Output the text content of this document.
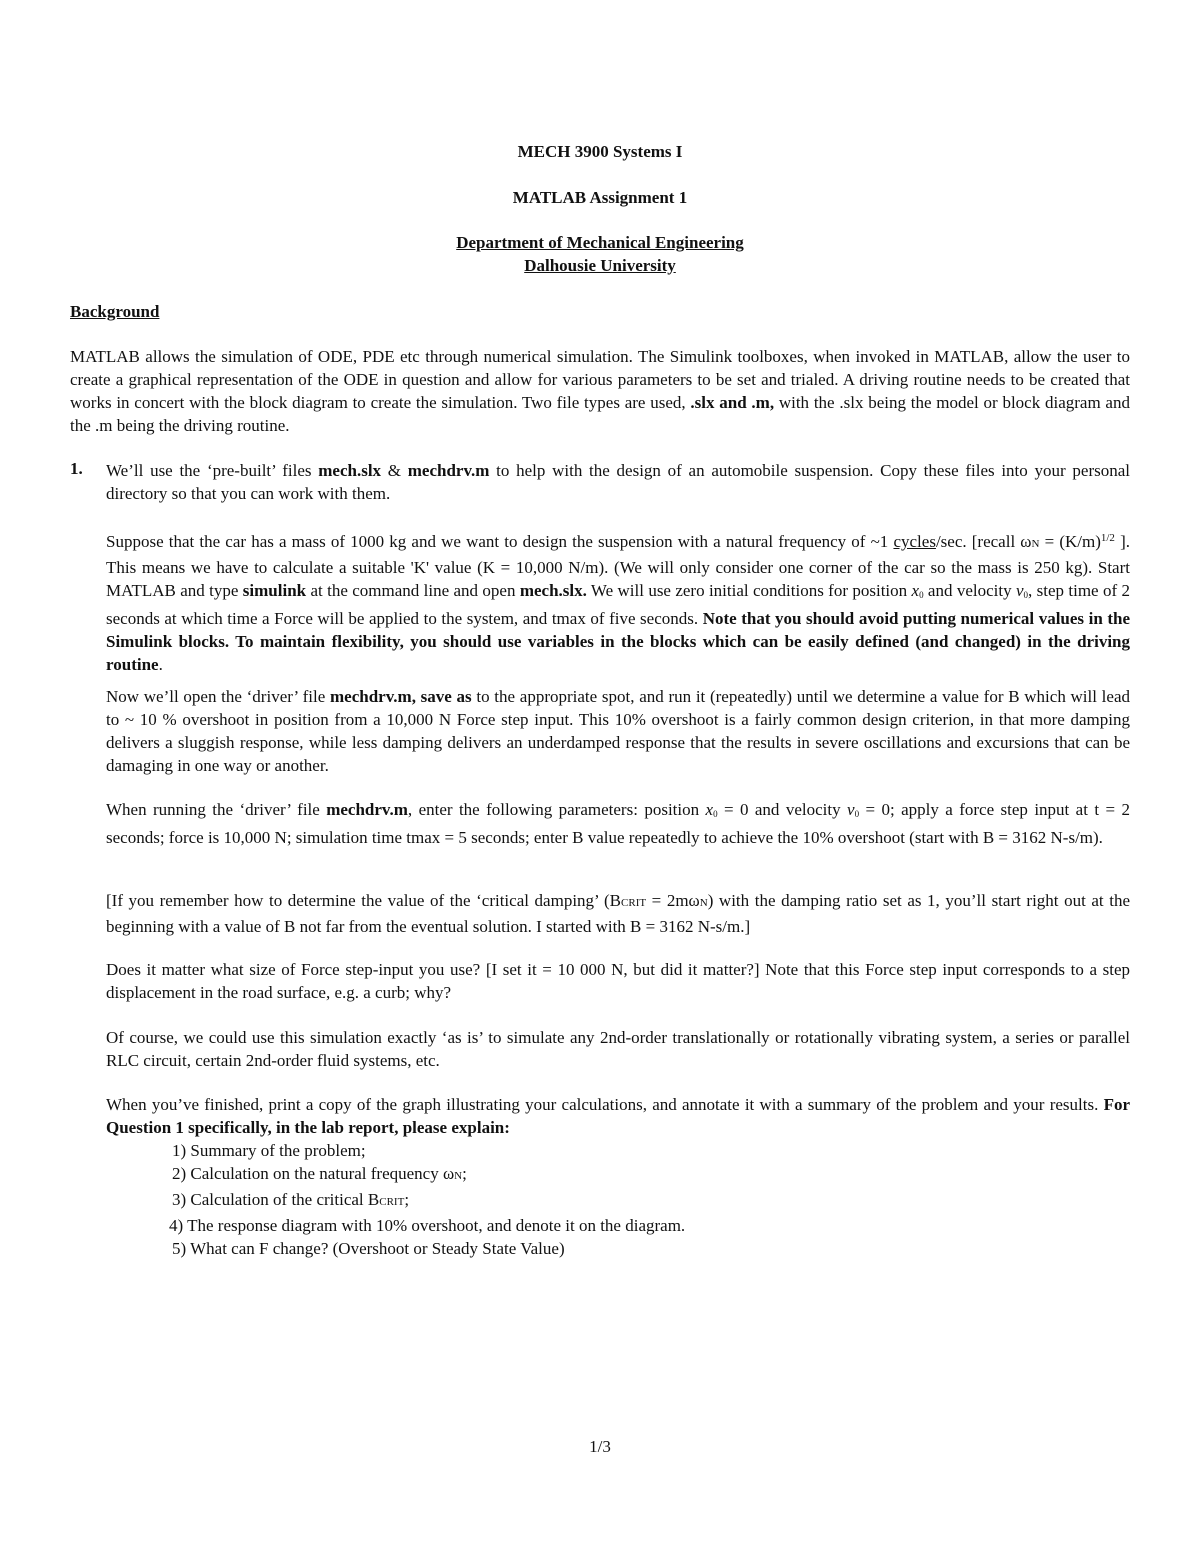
MECH 3900 Systems I
MATLAB Assignment 1
Department of Mechanical Engineering
Dalhousie University
Background

MATLAB allows the simulation of ODE, PDE etc through numerical simulation. The Simulink toolboxes, when invoked in MATLAB, allow the user to create a graphical representation of the ODE in question and allow for various parameters to be set and trialed. A driving routine needs to be created that works in concert with the block diagram to create the simulation. Two file types are used, .slx and .m, with the .slx being the model or block diagram and the .m being the driving routine.

1. We’ll use the ‘pre-built’ files mech.slx & mechdrv.m to help with the design of an automobile suspension. Copy these files into your personal directory so that you can work with them.

Suppose that the car has a mass of 1000 kg and we want to design the suspension with a natural frequency of ~1 cycles/sec. [recall $\omega N = (K/m)^{1/2}$ ]. This means we have to calculate a suitable 'K' value (K = 10,000 N/m). (We will only consider one corner of the car so the mass is 250 kg). Start MATLAB and type simulink at the command line and open mech.slx. We will use zero initial conditions for position x0 and velocity v0, step time of 2 seconds at which time a Force will be applied to the system, and tmax of five seconds. Note that you should avoid putting numerical values in the Simulink blocks. To maintain flexibility, you should use variables in the blocks which can be easily defined (and changed) in the driving routine.

Now we’ll open the ‘driver’ file mechdrv.m, save as to the appropriate spot, and run it (repeatedly) until we determine a value for B which will lead to ~ 10 % overshoot in position from a 10,000 N Force step input. This 10% overshoot is a fairly common design criterion, in that more damping delivers a sluggish response, while less damping delivers an underdamped response that the results in severe oscillations and excursions that can be damaging in one way or another.

When running the ‘driver’ file mechdrv.m, enter the following parameters: position x0 = 0 and velocity v0 = 0; apply a force step input at t = 2 seconds; force is 10,000 N; simulation time tmax = 5 seconds; enter B value repeatedly to achieve the 10% overshoot (start with B = 3162 N-s/m).

[If you remember how to determine the value of the ‘critical damping’ (BCRIT = 2mωN) with the damping ratio set as 1, you’ll start right out at the beginning with a value of B not far from the eventual solution. I started with B = 3162 N-s/m.]

Does it matter what size of Force step-input you use? [I set it = 10 000 N, but did it matter?] Note that this Force step input corresponds to a step displacement in the road surface, e.g. a curb; why?

Of course, we could use this simulation exactly ‘as is’ to simulate any 2nd-order translationally or rotationally vibrating system, a series or parallel RLC circuit, certain 2nd-order fluid systems, etc.

When you’ve finished, print a copy of the graph illustrating your calculations, and annotate it with a summary of the problem and your results. For Question 1 specifically, in the lab report, please explain:

1) Summary of the problem;
2) Calculation on the natural frequency ωN;
3) Calculation of the critical BCRIT;
4) The response diagram with 10% overshoot, and denote it on the diagram.
5) What can F change? (Overshoot or Steady State Value)
1/3
